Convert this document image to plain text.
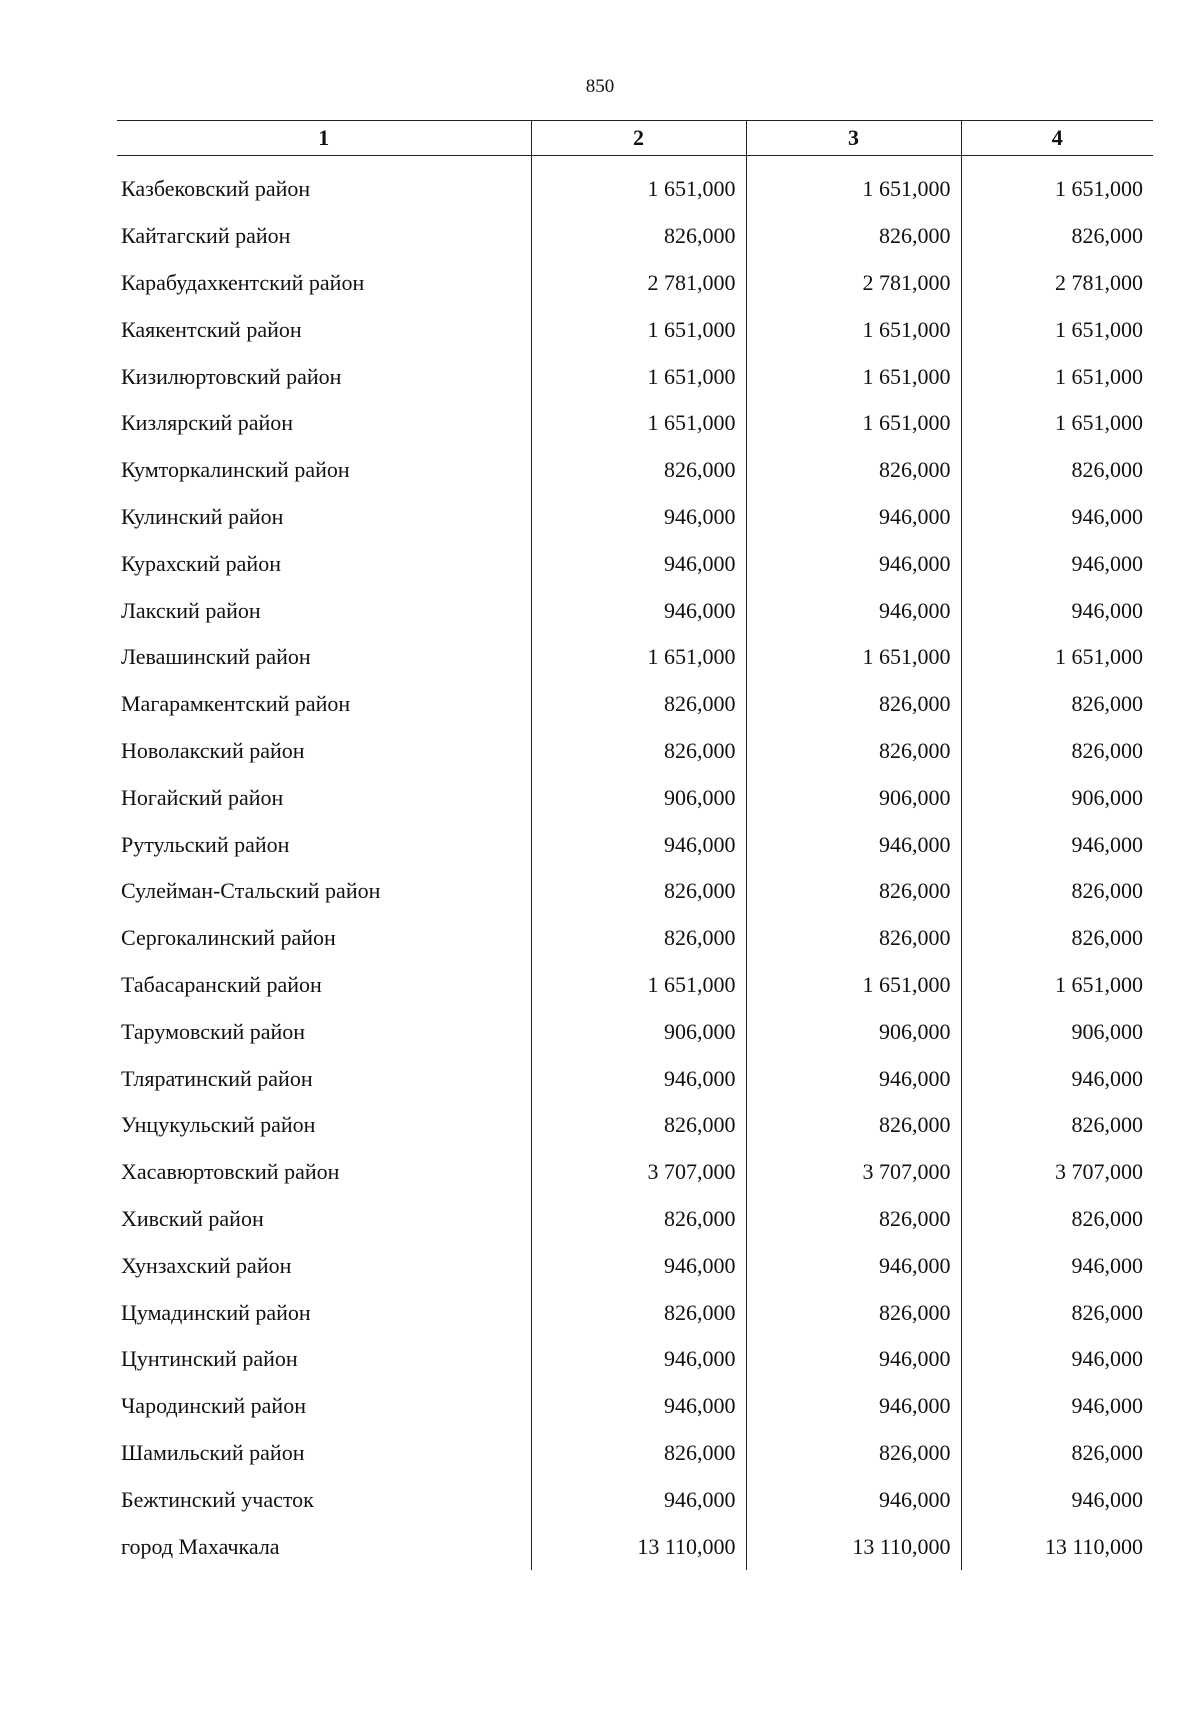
850
1	2	3	4

Казбековский район	1 651,000	1 651,000	1 651,000
Кайтагский район	826,000	826,000	826,000
Карабудахкентский район	2 781,000	2 781,000	2 781,000
Каякентский район	1 651,000	1 651,000	1 651,000
Кизилюртовский район	1 651,000	1 651,000	1 651,000
Кизлярский район	1 651,000	1 651,000	1 651,000
Кумторкалинский район	826,000	826,000	826,000
Кулинский район	946,000	946,000	946,000
Курахский район	946,000	946,000	946,000
Лакский район	946,000	946,000	946,000
Левашинский район	1 651,000	1 651,000	1 651,000
Магарамкентский район	826,000	826,000	826,000
Новолакский район	826,000	826,000	826,000
Ногайский район	906,000	906,000	906,000
Рутульский район	946,000	946,000	946,000
Сулейман-Стальский район	826,000	826,000	826,000
Сергокалинский район	826,000	826,000	826,000
Табасаранский район	1 651,000	1 651,000	1 651,000
Тарумовский район	906,000	906,000	906,000
Тляратинский район	946,000	946,000	946,000
Унцукульский район	826,000	826,000	826,000
Хасавюртовский район	3 707,000	3 707,000	3 707,000
Хивский район	826,000	826,000	826,000
Хунзахский район	946,000	946,000	946,000
Цумадинский район	826,000	826,000	826,000
Цунтинский район	946,000	946,000	946,000
Чародинский район	946,000	946,000	946,000
Шамильский район	826,000	826,000	826,000
Бежтинский участок	946,000	946,000	946,000
город Махачкала	13 110,000	13 110,000	13 110,000
